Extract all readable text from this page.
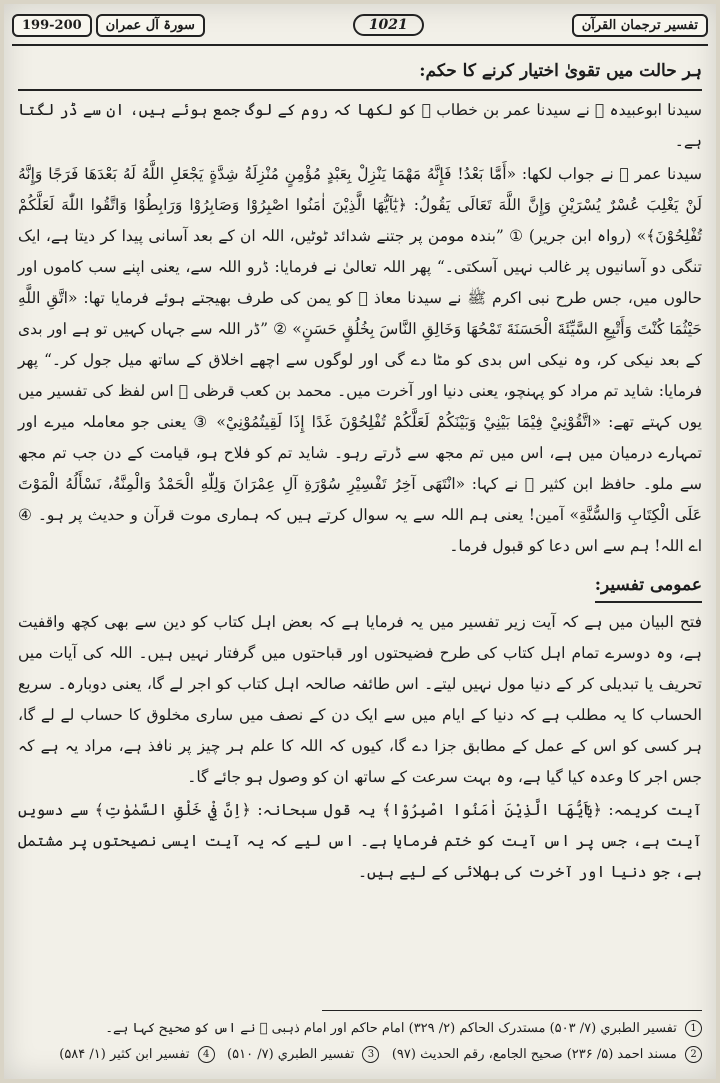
199-200	سورۃ آل عمران	1021	تفسیر ترجمان القرآن
ہر حالت میں تقویٰ اختیار کرنے کا حکم:

سیدنا ابوعبیدہ ﷛ نے سیدنا عمر بن خطاب ﷛ کو لکھا کہ روم کے لوگ جمع ہوئے ہیں، ان سے ڈر لگتا ہے۔

سیدنا عمر ﷛ نے جواب لکھا: «أَمَّا بَعْدُ! فَإِنَّهُ مَهْمَا يَنْزِلْ بِعَبْدٍ مُؤْمِنٍ مُنْزِلَةُ شِدَّةٍ يَجْعَلِ اللَّهُ لَهُ بَعْدَهَا فَرَجًا وَإِنَّهُ لَنْ يَغْلِبَ عُسْرٌ يُسْرَيْنِ وَإِنَّ اللَّهَ تَعَالَى يَقُولُ: ﴿يٰٓاَيُّهَا الَّذِيْنَ اٰمَنُوا اصْبِرُوْا وَصَابِرُوْا وَرَابِطُوْا وَاتَّقُوا اللّٰهَ لَعَلَّكُمْ تُفْلِحُوْنَ﴾» (رواہ ابن جریر) ① ”بندہ مومن پر جتنے شدائد ٹوٹیں، اللہ ان کے بعد آسانی پیدا کر دیتا ہے، ایک تنگی دو آسانیوں پر غالب نہیں آسکتی۔“ پھر اللہ تعالیٰ نے فرمایا: ڈرو اللہ سے، یعنی اپنے سب کاموں اور حالوں میں، جس طرح نبی اکرم ﷺ نے سیدنا معاذ ﷛ کو یمن کی طرف بھیجتے ہوئے فرمایا تھا: «اتَّقِ اللَّهِ حَيْثُمَا كُنْتَ وَأَتْبِعِ السَّيِّئَةَ الْحَسَنَةَ تَمْحُهَا وَخَالِقِ النَّاسَ بِخُلُقٍ حَسَنٍ» ② ”ڈر اللہ سے جہاں کہیں تو ہے اور بدی کے بعد نیکی کر، وہ نیکی اس بدی کو مٹا دے گی اور لوگوں سے اچھے اخلاق کے ساتھ میل جول کر۔“ پھر فرمایا: شاید تم مراد کو پہنچو، یعنی دنیا اور آخرت میں۔ محمد بن کعب قرظی ﷫ اس لفظ کی تفسیر میں یوں کہتے تھے: «اتَّقُوْنِيْ فِيْمَا بَيْنِيْ وَبَيْنَكُمْ لَعَلَّكُمْ تُفْلِحُوْنَ غَدًا إِذَا لَقِيتُمُوْنِيْ» ③ یعنی جو معاملہ میرے اور تمہارے درمیان میں ہے، اس میں تم مجھ سے ڈرتے رہو۔ شاید تم کو فلاح ہو، قیامت کے دن جب تم مجھ سے ملو۔ حافظ ابن کثیر ﷫ نے کہا: «انْتَهَى آخِرُ تَفْسِيْرِ سُوْرَةِ آلِ عِمْرَانَ وَلِلّٰهِ الْحَمْدُ وَالْمِنَّةُ، نَسْأَلُهُ الْمَوْتَ عَلَى الْكِتَابِ وَالسُّنَّةِ» آمین! یعنی ہم اللہ سے یہ سوال کرتے ہیں کہ ہماری موت قرآن و حدیث پر ہو۔ ④ اے اللہ! ہم سے اس دعا کو قبول فرما۔

عمومی تفسیر:

فتح البیان میں ہے کہ آیت زیر تفسیر میں یہ فرمایا ہے کہ بعض اہل کتاب کو دین سے بھی کچھ واقفیت ہے، وہ دوسرے تمام اہل کتاب کی طرح فضیحتوں اور قباحتوں میں گرفتار نہیں ہیں۔ اللہ کی آیات میں تحریف یا تبدیلی کر کے دنیا مول نہیں لیتے۔ اس طائفہ صالحہ اہل کتاب کو اجر لے گا، یعنی دوبارہ۔ سریع الحساب کا یہ مطلب ہے کہ دنیا کے ایام میں سے ایک دن کے نصف میں ساری مخلوق کا حساب لے لے گا، ہر کسی کو اس کے عمل کے مطابق جزا دے گا، کیوں کہ اللہ کا علم ہر چیز پر نافذ ہے، مراد یہ ہے کہ جس اجر کا وعدہ کیا گیا ہے، وہ بہت سرعت کے ساتھ ان کو وصول ہو جائے گا۔

آیت کریمہ: ﴿يٰٓاَيُّهَا الَّذِيْنَ اٰمَنُوا اصْبِرُوْا﴾ یہ قول سبحانہ: ﴿اِنَّ فِيْ خَلْقِ السَّمٰوٰتِ﴾ سے دسویں آیت ہے، جس پر اس آیت کو ختم فرمایا ہے۔ اس لیے کہ یہ آیت ایسی نصیحتوں پر مشتمل ہے، جو دنیا اور آخرت کی بھلائی کے لیے ہیں۔

1 تفسیر الطبري (۷/ ۵۰۳) مستدرک الحاکم (۲/ ۳۲۹) امام حاکم اور امام ذہبی ﷮ نے اس کو صحیح کہا ہے۔
2 مسند احمد (۵/ ۲۳۶) صحیح الجامع، رقم الحدیث (۹۷)   3 تفسیر الطبري (۷/ ۵۱۰)   4 تفسیر ابن کثیر (۱/ ۵۸۴)
